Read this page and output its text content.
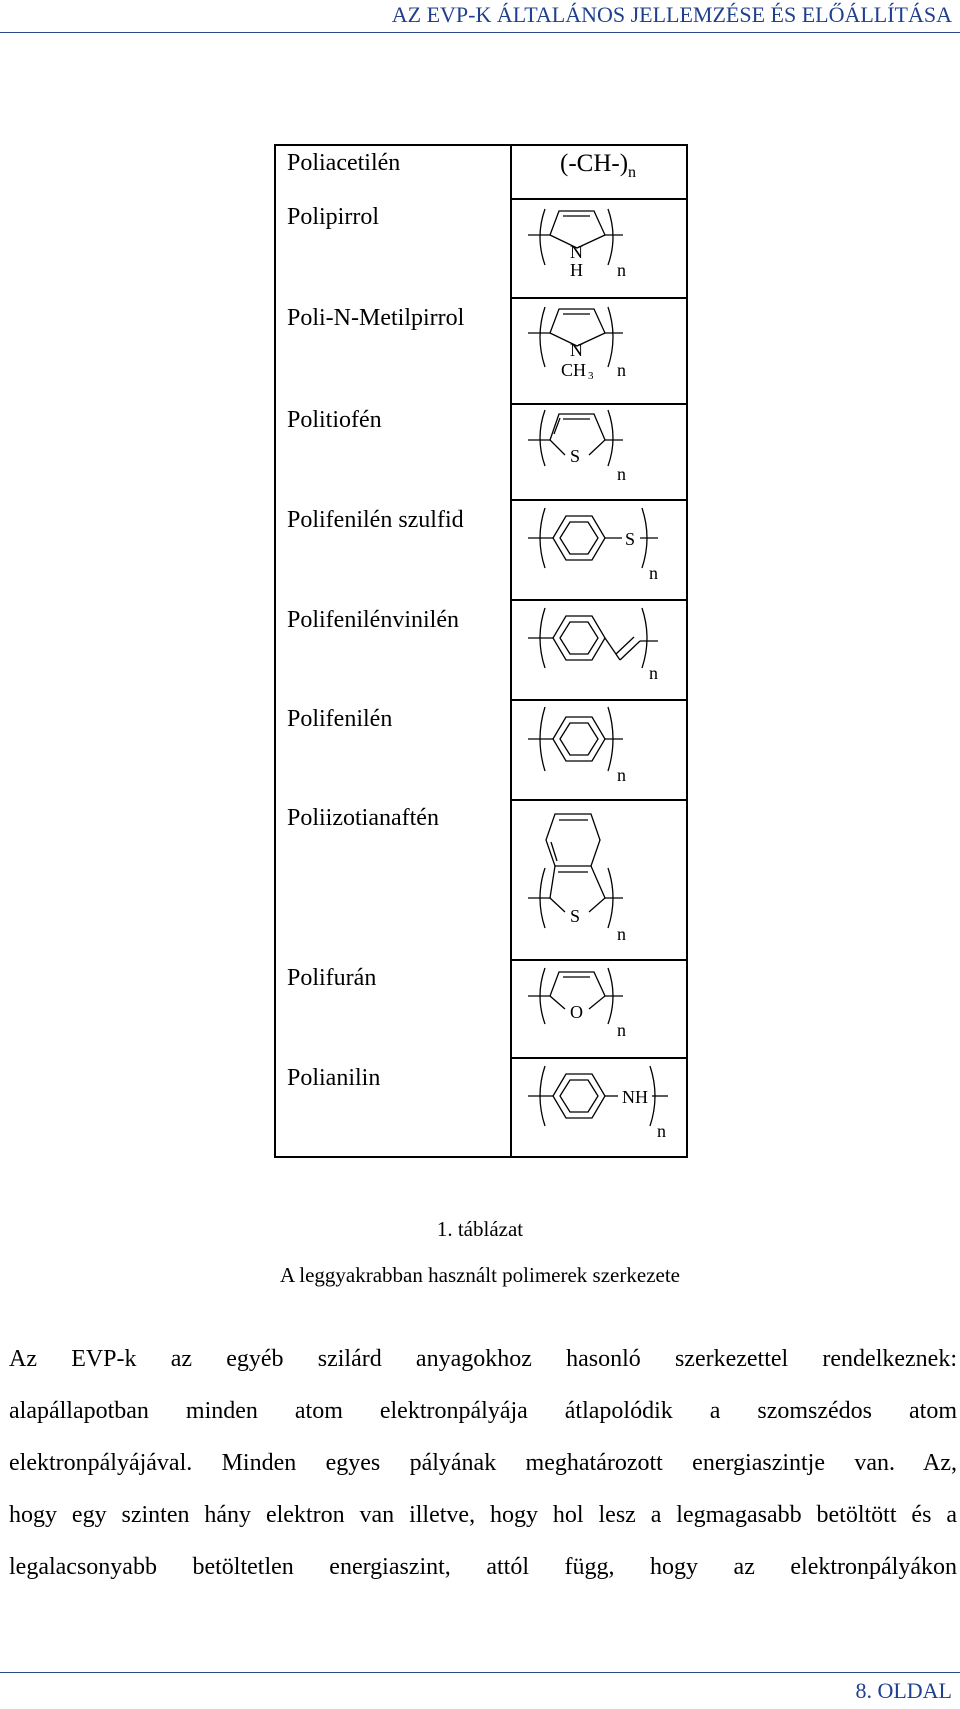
AZ EVP-K ÁLTALÁNOS JELLEMZÉSE ÉS ELŐÁLLÍTÁSA
Poliacetilén
Polipirrol
Poli-N-Metilpirrol
Politiofén
Polifenilén szulfid
Polifenilénvinilén
Polifenilén
Poliizotianaftén
Polifurán
Polianilin
$(-CH-)_n$
N
H n
N
CH 3 n
S
n
S
n
n
n
S
n
O
n
NH
n
1. táblázat
A leggyakrabban használt polimerek szerkezete
Az EVP-k az egyéb szilárd anyagokhoz hasonló szerkezettel rendelkeznek:
alapállapotban minden atom elektronpályája átlapolódik a szomszédos atom
elektronpályájával. Minden egyes pályának meghatározott energiaszintje van. Az,
hogy egy szinten hány elektron van illetve, hogy hol lesz a legmagasabb betöltött és a
legalacsonyabb betöltetlen energiaszint, attól függ, hogy az elektronpályákon
8. OLDAL
